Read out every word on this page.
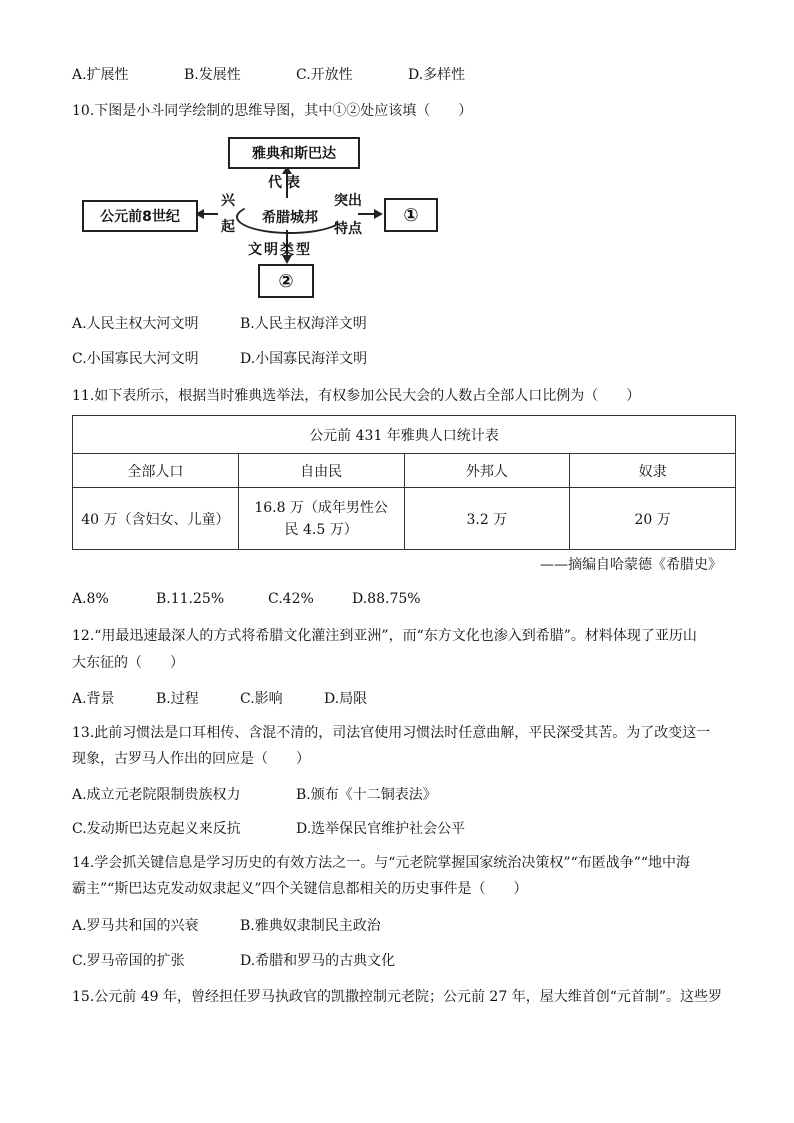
A.扩展性	B.发展性	C.开放性	D.多样性
10.下图是小斗同学绘制的思维导图，其中①②处应该填（　　）
雅典和斯巴达
代表
公元前8世纪
兴
起
希腊城邦
突出
特点
①
文明类型
②
A.人民主权大河文明	B.人民主权海洋文明
C.小国寡民大河文明	D.小国寡民海洋文明
11.如下表所示，根据当时雅典选举法，有权参加公民大会的人数占全部人口比例为（　　）
公元前 431 年雅典人口统计表			
全部人口	自由民	外邦人	奴隶
40 万（含妇女、儿童）	16.8 万（成年男性公民 4.5 万）	3.2 万	20 万
——摘编自哈蒙德《希腊史》
A.8%	B.11.25%	C.42%	D.88.75%
12.“用最迅速最深人的方式将希腊文化灌注到亚洲”，而“东方文化也渗入到希腊”。材料体现了亚历山
大东征的（　　）
A.背景	B.过程	C.影响	D.局限
13.此前习惯法是口耳相传、含混不清的，司法官使用习惯法时任意曲解，平民深受其苦。为了改变这一
现象，古罗马人作出的回应是（　　）
A.成立元老院限制贵族权力	B.颁布《十二铜表法》
C.发动斯巴达克起义来反抗	D.选举保民官维护社会公平
14.学会抓关键信息是学习历史的有效方法之一。与“元老院掌握国家统治决策权”“布匿战争”“地中海
霸主”“斯巴达克发动奴隶起义”四个关键信息都相关的历史事件是（　　）
A.罗马共和国的兴衰	B.雅典奴隶制民主政治
C.罗马帝国的扩张	D.希腊和罗马的古典文化
15.公元前 49 年，曾经担任罗马执政官的凯撒控制元老院；公元前 27 年，屋大维首创“元首制”。这些罗
